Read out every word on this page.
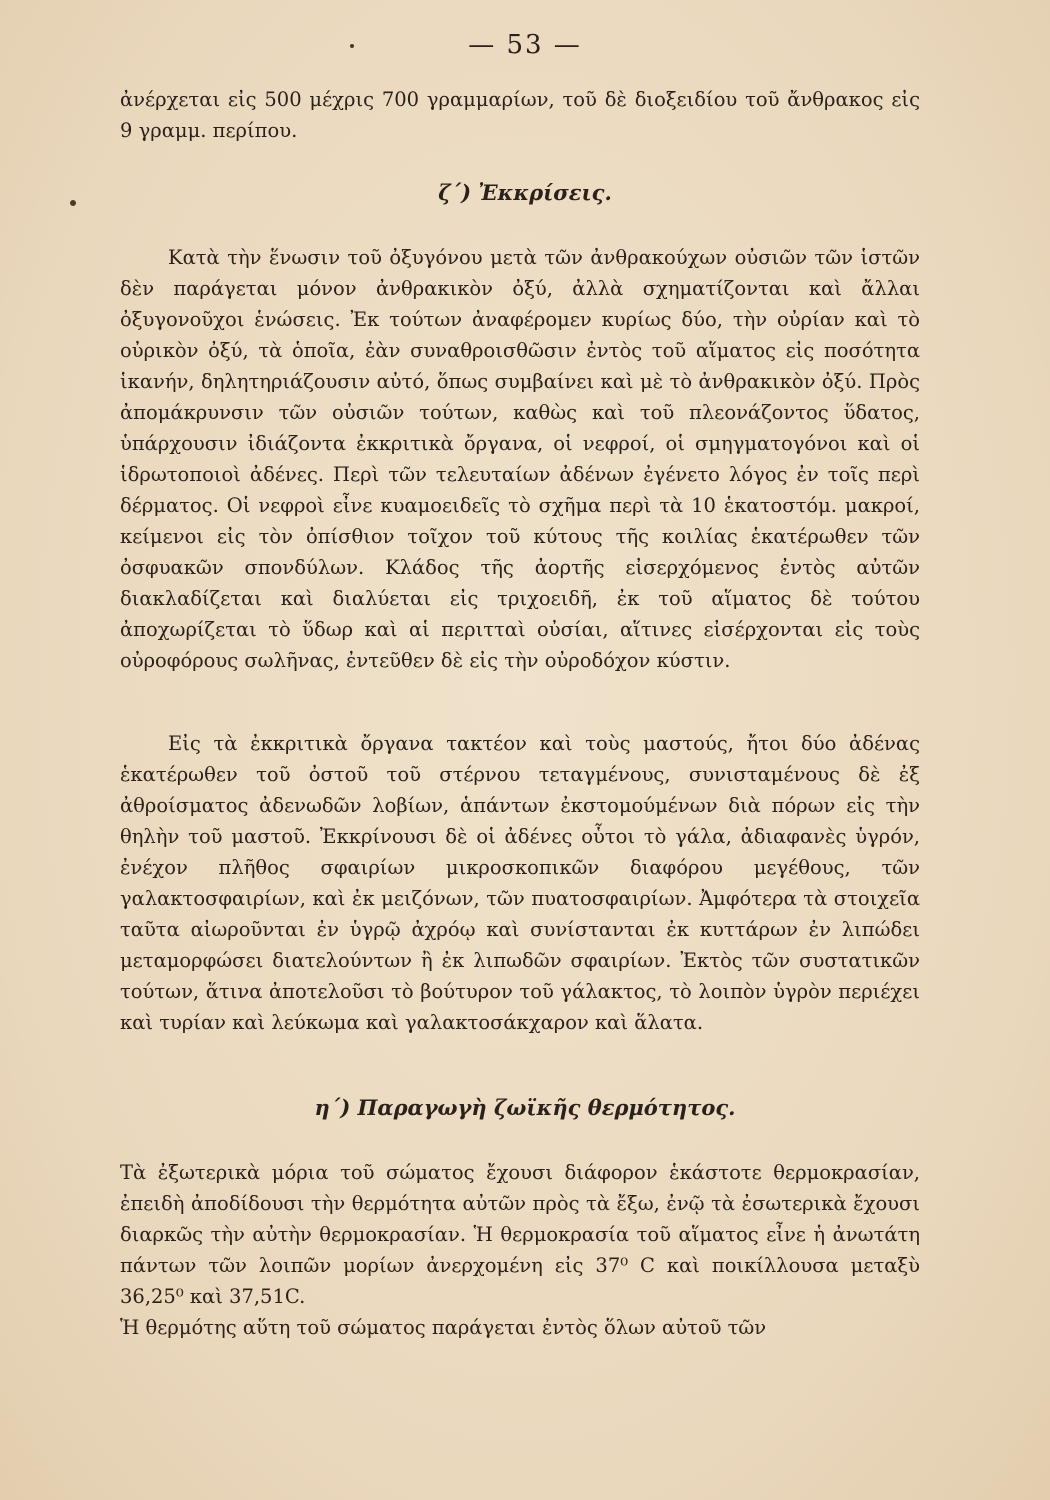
— 53 —
ἀνέρχεται εἰς 500 μέχρις 700 γραμμαρίων, τοῦ δὲ διοξειδίου τοῦ ἄνθρακος εἰς 9 γραμμ. περίπου.
ζ΄) Ἐκκρίσεις.
Κατὰ τὴν ἕνωσιν τοῦ ὀξυγόνου μετὰ τῶν ἀνθρακούχων οὐσιῶν τῶν ἱστῶν δὲν παράγεται μόνον ἀνθρακικὸν ὀξύ, ἀλλὰ σχηματίζονται καὶ ἄλλαι ὀξυγονοῦχοι ἑνώσεις. Ἐκ τούτων ἀναφέρομεν κυρίως δύο, τὴν οὐρίαν καὶ τὸ οὐρικὸν ὀξύ, τὰ ὁποῖα, ἐὰν συναθροισθῶσιν ἐντὸς τοῦ αἵματος εἰς ποσότητα ἱκανήν, δηλητηριάζουσιν αὐτό, ὅπως συμβαίνει καὶ μὲ τὸ ἀνθρακικὸν ὀξύ. Πρὸς ἀπομάκρυνσιν τῶν οὐσιῶν τούτων, καθὼς καὶ τοῦ πλεονάζοντος ὕδατος, ὑπάρχουσιν ἰδιάζοντα ἐκκριτικὰ ὄργανα, οἱ νεφροί, οἱ σμηγματογόνοι καὶ οἱ ἱδρωτοποιοὶ ἀδένες. Περὶ τῶν τελευταίων ἀδένων ἐγένετο λόγος ἐν τοῖς περὶ δέρματος. Οἱ νεφροὶ εἶνε κυαμοειδεῖς τὸ σχῆμα περὶ τὰ 10 ἑκατοστόμ. μακροί, κείμενοι εἰς τὸν ὀπίσθιον τοῖχον τοῦ κύτους τῆς κοιλίας ἑκατέρωθεν τῶν ὀσφυακῶν σπονδύλων. Κλάδος τῆς ἀορτῆς εἰσερχόμενος ἐντὸς αὐτῶν διακλαδίζεται καὶ διαλύεται εἰς τριχοειδῆ, ἐκ τοῦ αἵματος δὲ τούτου ἀποχωρίζεται τὸ ὕδωρ καὶ αἱ περιτταὶ οὐσίαι, αἵτινες εἰσέρχονται εἰς τοὺς οὐροφόρους σωλῆνας, ἐντεῦθεν δὲ εἰς τὴν οὐροδόχον κύστιν.
Εἰς τὰ ἐκκριτικὰ ὄργανα τακτέον καὶ τοὺς μαστούς, ἤτοι δύο ἀδένας ἑκατέρωθεν τοῦ ὀστοῦ τοῦ στέρνου τεταγμένους, συνισταμένους δὲ ἐξ ἀθροίσματος ἀδενωδῶν λοβίων, ἁπάντων ἐκστομούμένων διὰ πόρων εἰς τὴν θηλὴν τοῦ μαστοῦ. Ἐκκρίνουσι δὲ οἱ ἀδένες οὗτοι τὸ γάλα, ἀδιαφανὲς ὑγρόν, ἐνέχον πλῆθος σφαιρίων μικροσκοπικῶν διαφόρου μεγέθους, τῶν γαλακτοσφαιρίων, καὶ ἐκ μειζόνων, τῶν πυατοσφαιρίων. Ἀμφότερα τὰ στοιχεῖα ταῦτα αἰωροῦνται ἐν ὑγρῷ ἀχρόῳ καὶ συνίστανται ἐκ κυττάρων ἐν λιπώδει μεταμορφώσει διατελούντων ἢ ἐκ λιπωδῶν σφαιρίων. Ἐκτὸς τῶν συστατικῶν τούτων, ἅτινα ἀποτελοῦσι τὸ βούτυρον τοῦ γάλακτος, τὸ λοιπὸν ὑγρὸν περιέχει καὶ τυρίαν καὶ λεύκωμα καὶ γαλακτοσάκχαρον καὶ ἅλατα.
η΄) Παραγωγὴ ζωϊκῆς θερμότητος.
Τὰ ἐξωτερικὰ μόρια τοῦ σώματος ἔχουσι διάφορον ἑκάστοτε θερμοκρασίαν, ἐπειδὴ ἀποδίδουσι τὴν θερμότητα αὐτῶν πρὸς τὰ ἔξω, ἐνῷ τὰ ἐσωτερικὰ ἔχουσι διαρκῶς τὴν αὐτὴν θερμοκρασίαν. Ἡ θερμοκρασία τοῦ αἵματος εἶνε ἡ ἀνωτάτη πάντων τῶν λοιπῶν μορίων ἀνερχομένη εἰς 37⁰ C καὶ ποικίλλουσα μεταξὺ 36,25⁰ καὶ 37,51C.
Ἡ θερμότης αὕτη τοῦ σώματος παράγεται ἐντὸς ὅλων αὐτοῦ τῶν
